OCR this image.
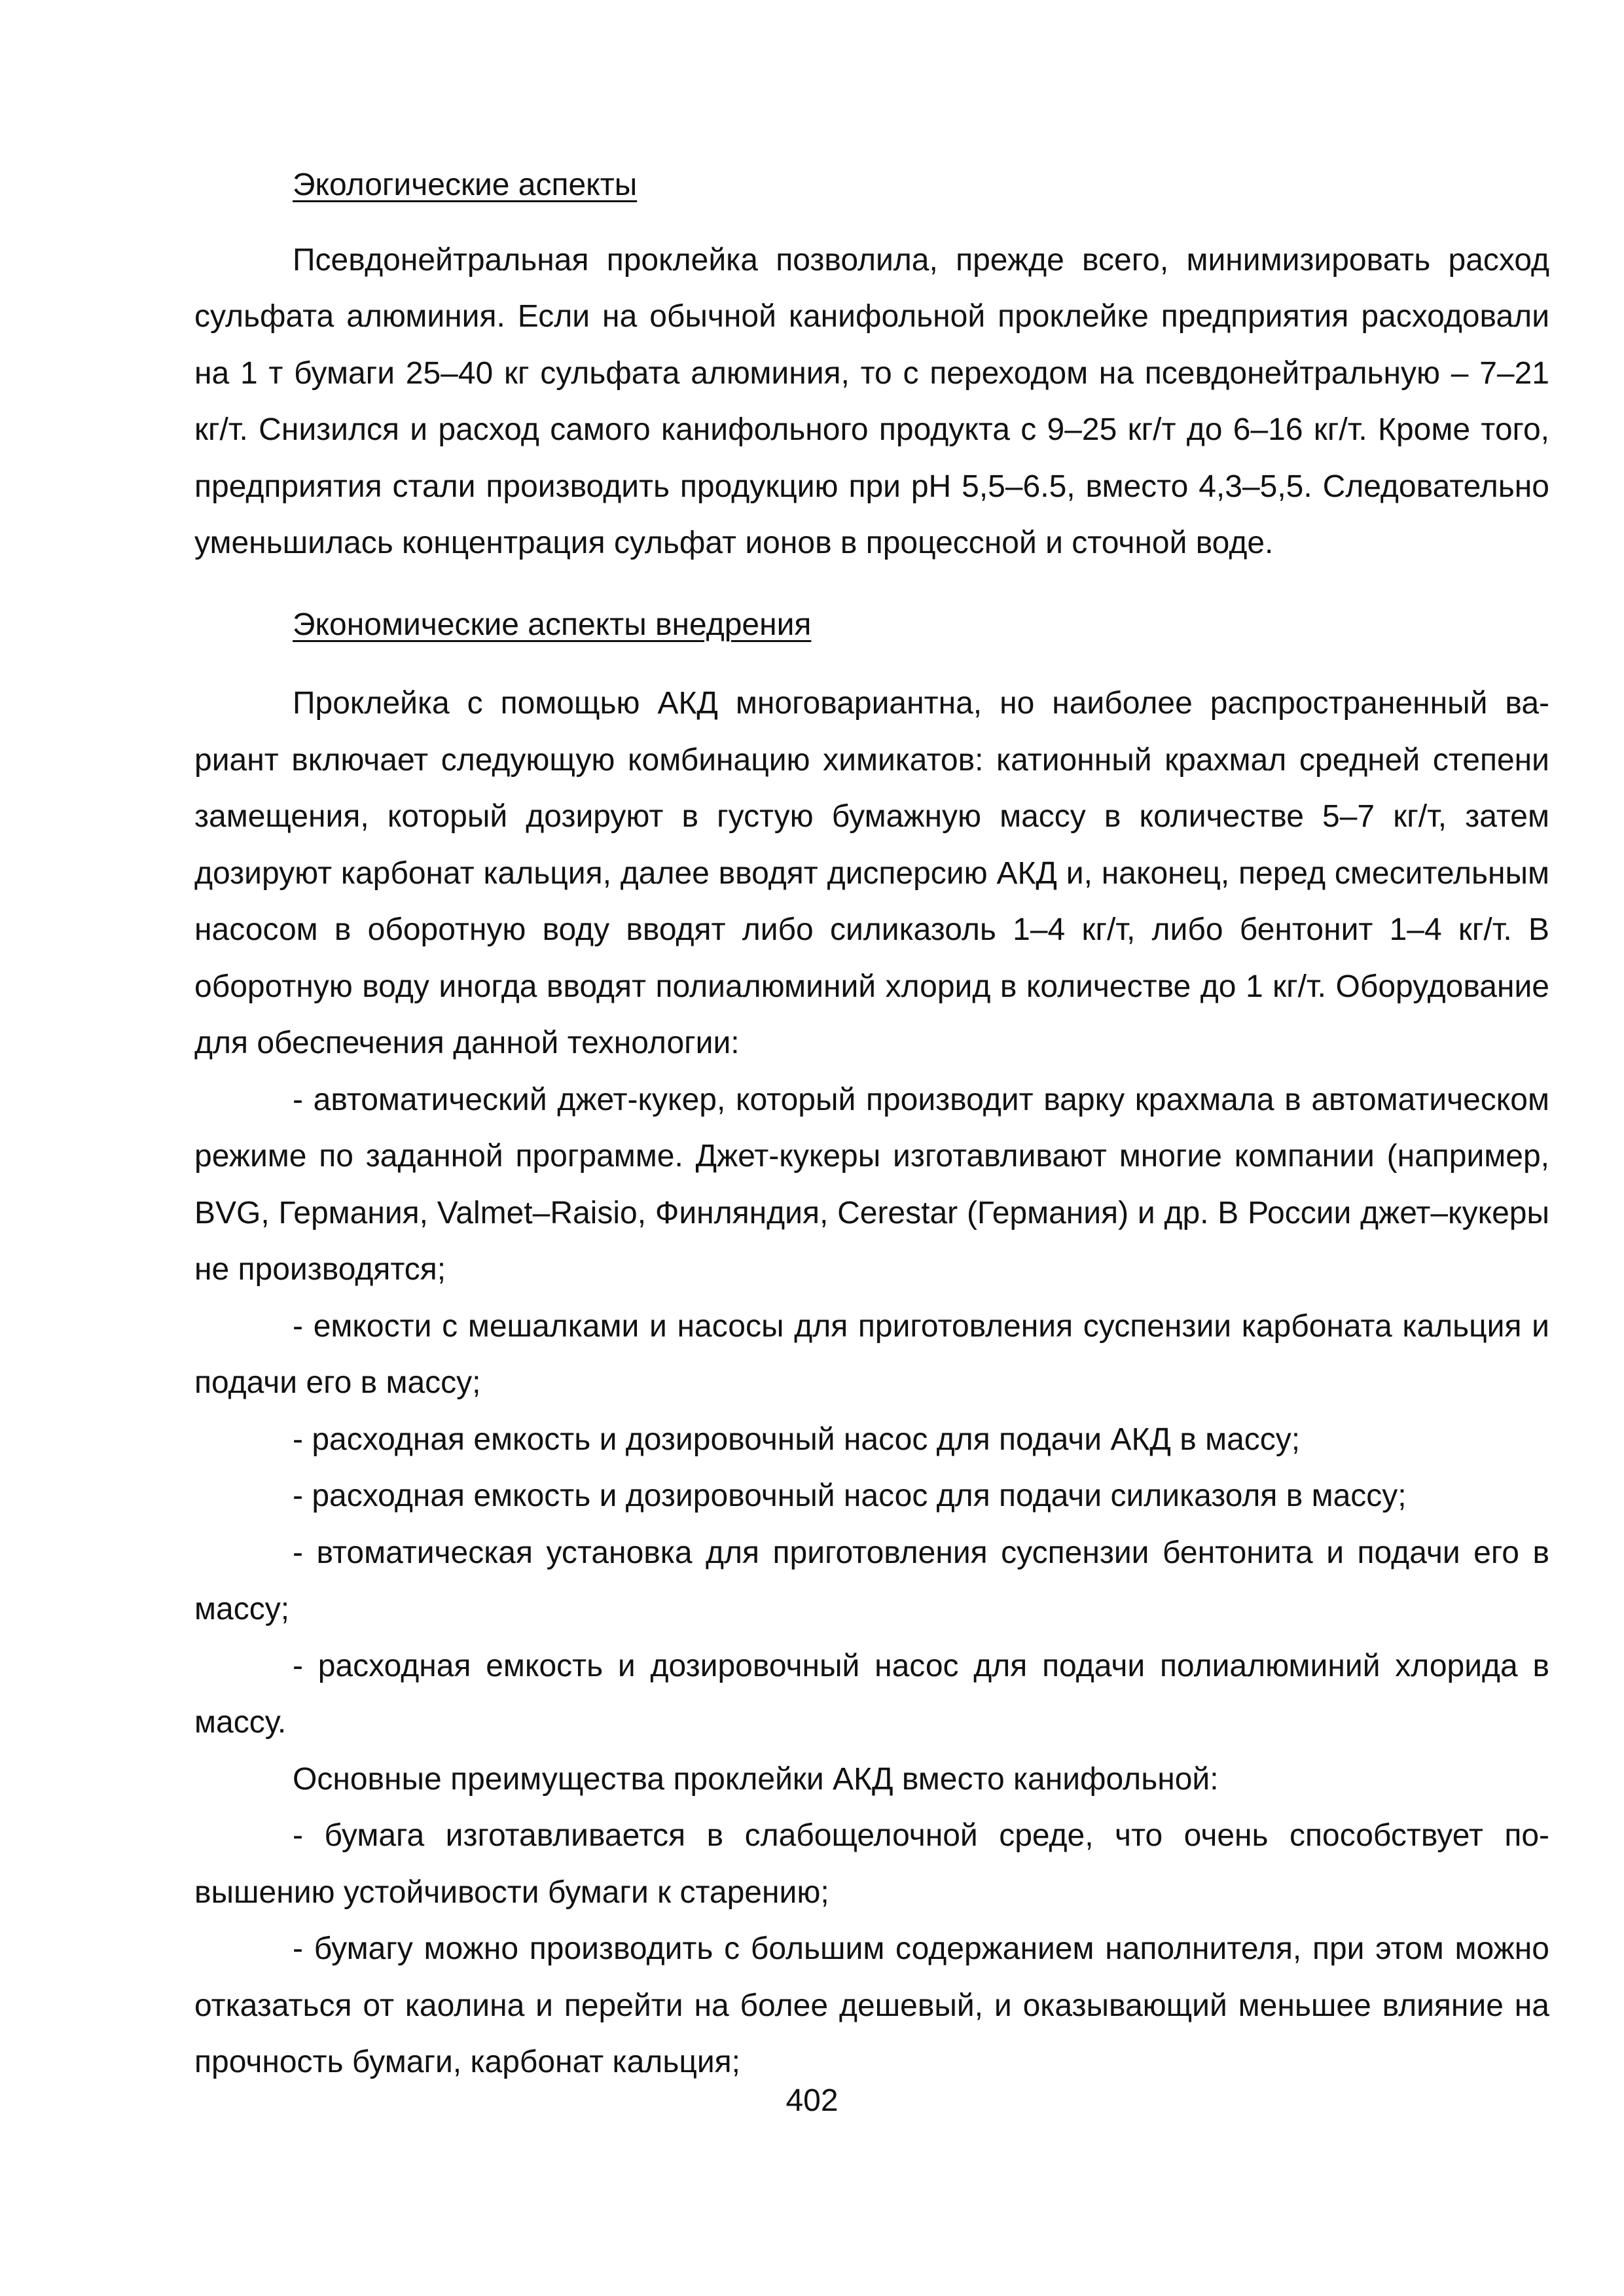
Экологические аспекты

Псевдонейтральная проклейка позволила, прежде всего, минимизировать расход сульфата алюминия. Если на обычной канифольной проклейке предприятия расходовали на 1 т бумаги 25–40 кг сульфата алюминия, то с переходом на псевдонейтральную – 7–21 кг/т. Снизился и расход самого канифольного продукта с 9–25 кг/т до 6–16 кг/т. Кроме того, предприятия стали производить продукцию при рН 5,5–6.5, вместо 4,3–5,5. Следовательно уменьшилась концентрация сульфат ионов в процессной и сточной воде.

Экономические аспекты внедрения

Проклейка с помощью АКД многовариантна, но наиболее распространенный вариант включает следующую комбинацию химикатов: катионный крахмал средней степени замещения, который дозируют в густую бумажную массу в количестве 5–7 кг/т, затем дозируют карбонат кальция, далее вводят дисперсию АКД и, наконец, перед смесительным насосом в оборотную воду вводят либо силиказоль 1–4 кг/т, либо бентонит 1–4 кг/т. В оборотную воду иногда вводят полиалюминий хлорид в количестве до 1 кг/т. Оборудование для обеспечения данной технологии:

- автоматический джет-кукер, который производит варку крахмала в автоматическом режиме по заданной программе. Джет-кукеры изготавливают многие компании (например, BVG, Германия, Valmet–Raisio, Финляндия, Cerestar (Германия) и др. В России джет–кукеры не производятся;

- емкости с мешалками и насосы для приготовления суспензии карбоната кальция и подачи его в массу;

- расходная емкость и дозировочный насос для подачи АКД в массу;

- расходная емкость и дозировочный насос для подачи силиказоля в массу;

- втоматическая установка для приготовления суспензии бентонита и подачи его в массу;

- расходная емкость и дозировочный насос для подачи полиалюминий хлорида в массу.

Основные преимущества проклейки АКД вместо канифольной:

- бумага изготавливается в слабощелочной среде, что очень способствует повышению устойчивости бумаги к старению;

- бумагу можно производить с большим содержанием наполнителя, при этом можно отказаться от каолина и перейти на более дешевый, и оказывающий меньшее влияние на прочность бумаги, карбонат кальция;

402
